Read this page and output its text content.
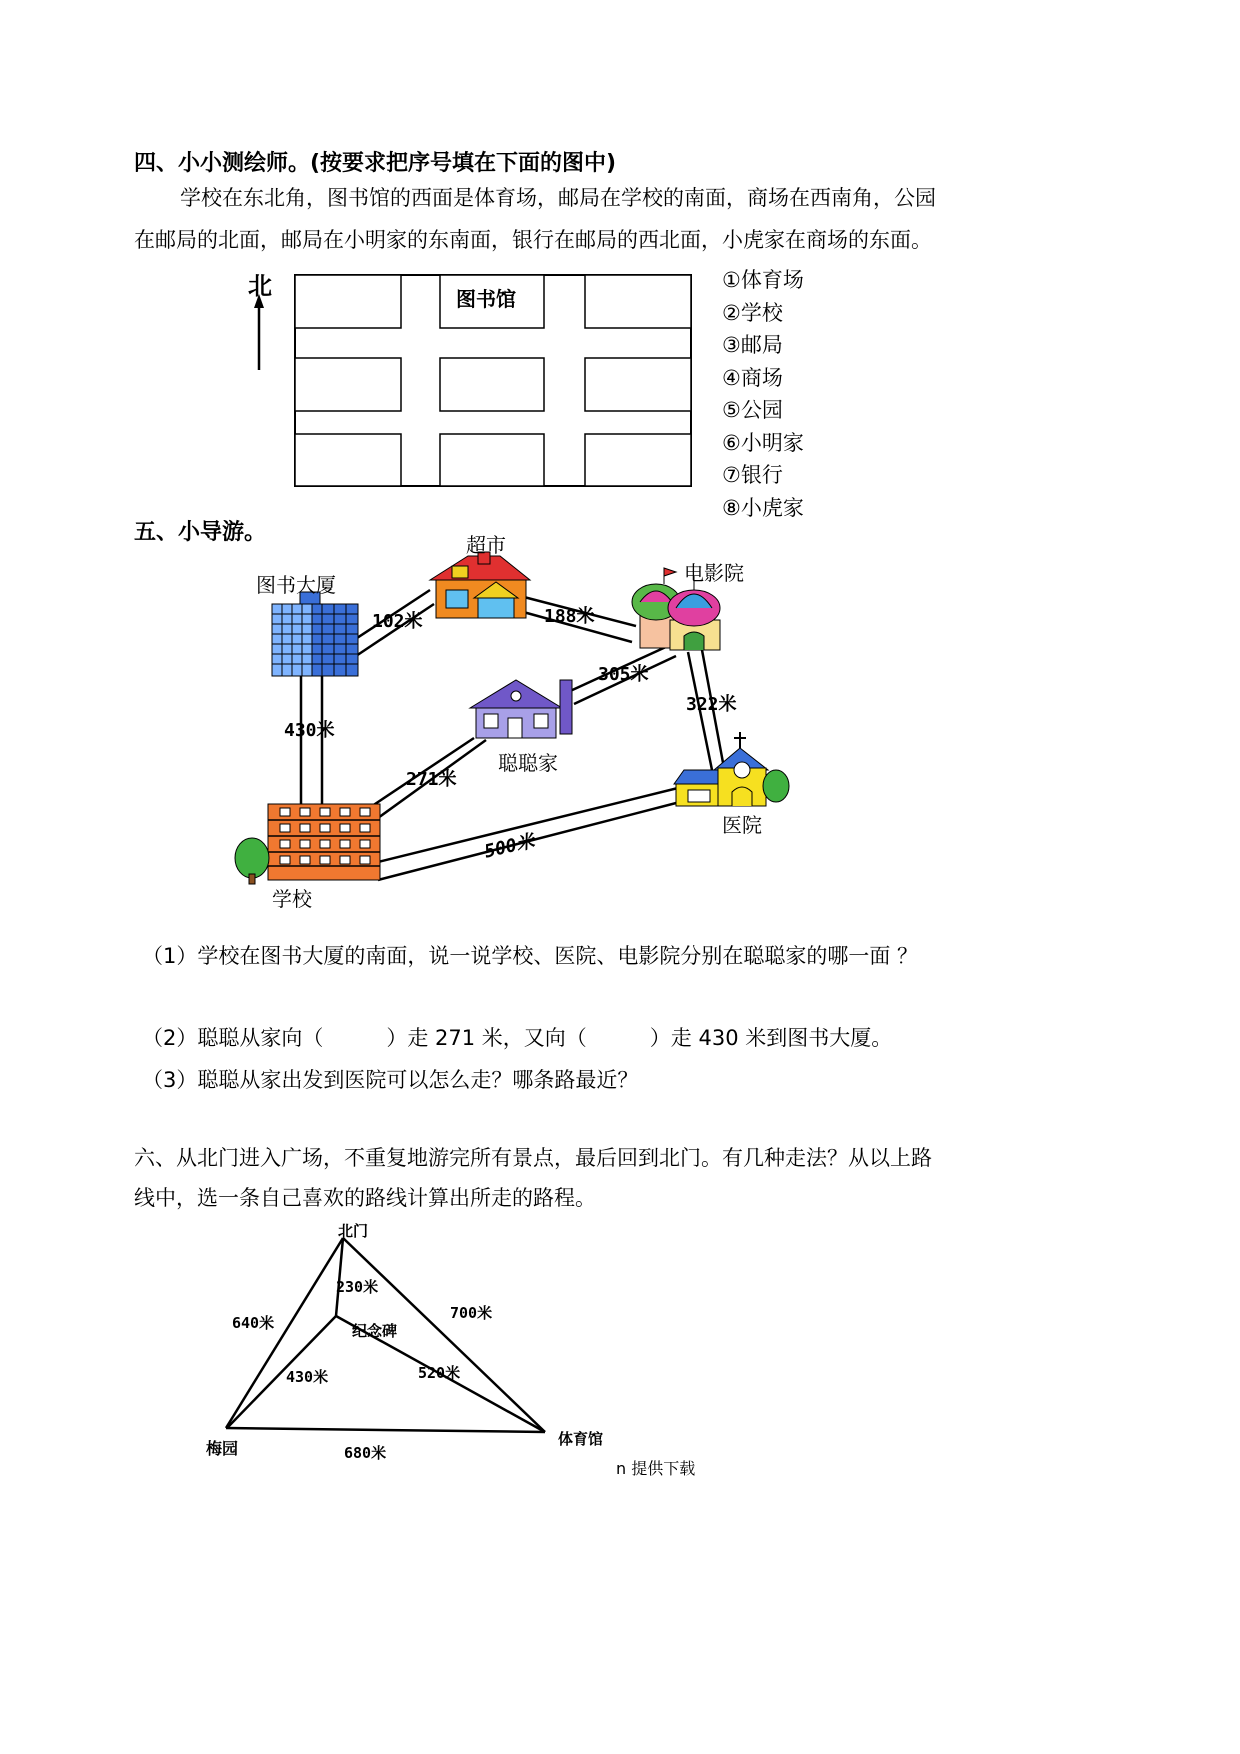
四、小小测绘师。(按要求把序号填在下面的图中)
学校在东北角，图书馆的西面是体育场，邮局在学校的南面，商场在西南角，公园
在邮局的北面，邮局在小明家的东南面，银行在邮局的西北面，小虎家在商场的东面。
北	图书馆
①体育场
②学校
③邮局
④商场
⑤公园
⑥小明家
⑦银行
⑧小虎家
五、小导游。
图书大厦
超市
电影院
聪聪家
学校
医院
102米	188米
305米
322米
430米
271米
500米
（1）学校在图书大厦的南面，说一说学校、医院、电影院分别在聪聪家的哪一面 ？
（2）聪聪从家向（　　　）走 271 米，又向（　　　）走 430 米到图书大厦。
（3）聪聪从家出发到医院可以怎么走？哪条路最近？
六、从北门进入广场，不重复地游完所有景点，最后回到北门。有几种走法？从以上路
线中，选一条自己喜欢的路线计算出所走的路程。
北门
纪念碑
梅园	体育馆
230米
640米
700米
430米	520米
680米
n 提供下载
